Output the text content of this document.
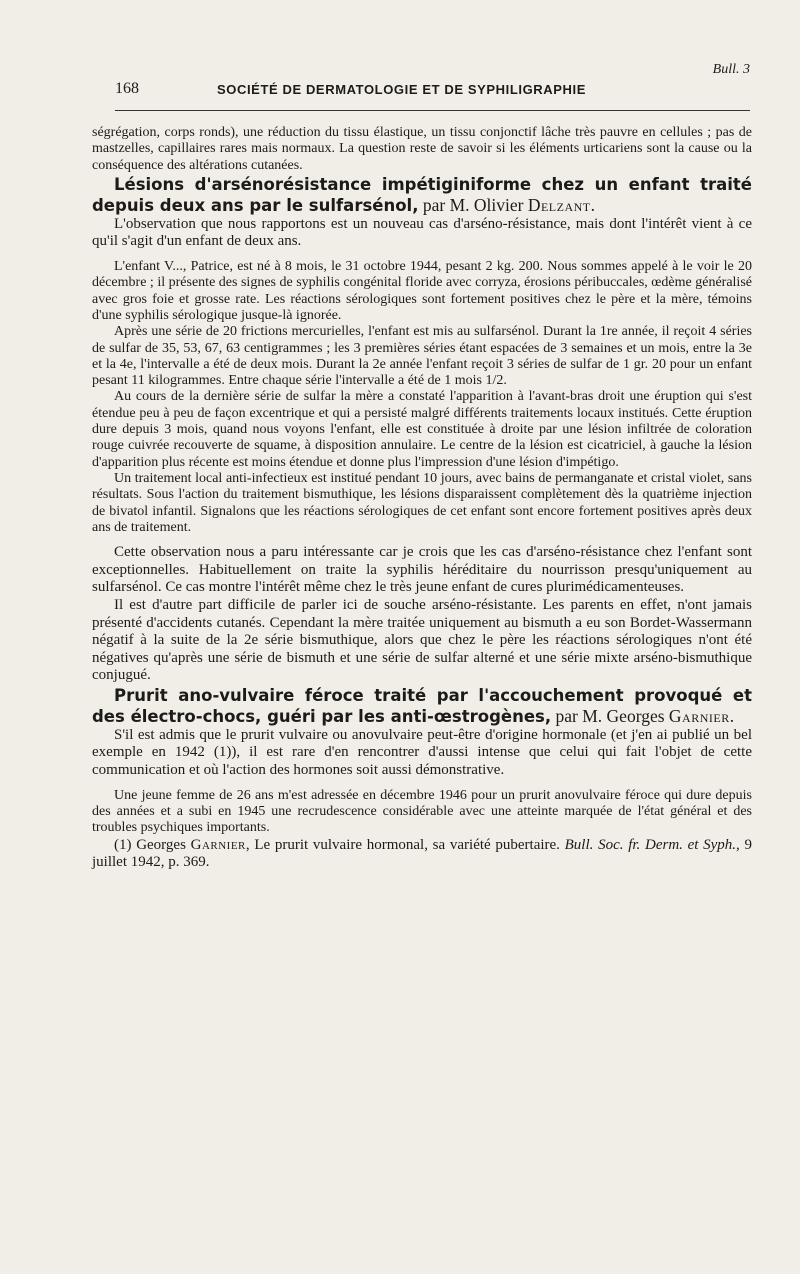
Bull. 3
168	SOCIÉTÉ DE DERMATOLOGIE ET DE SYPHILIGRAPHIE

ségrégation, corps ronds), une réduction du tissu élastique, un tissu conjonctif lâche très pauvre en cellules ; pas de mastzelles, capillaires rares mais normaux. La question reste de savoir si les éléments urticariens sont la cause ou la conséquence des altérations cutanées.

Lésions d'arsénorésistance impétiginiforme chez un enfant traité depuis deux ans par le sulfarsénol, par M. Olivier Delzant.

L'observation que nous rapportons est un nouveau cas d'arséno-résistance, mais dont l'intérêt vient à ce qu'il s'agit d'un enfant de deux ans.

L'enfant V..., Patrice, est né à 8 mois, le 31 octobre 1944, pesant 2 kg. 200. Nous sommes appelé à le voir le 20 décembre ; il présente des signes de syphilis congénital floride avec corryza, érosions péribuccales, œdème généralisé avec gros foie et grosse rate. Les réactions sérologiques sont fortement positives chez le père et la mère, témoins d'une syphilis sérologique jusque-là ignorée.

Après une série de 20 frictions mercurielles, l'enfant est mis au sulfarsénol. Durant la 1re année, il reçoit 4 séries de sulfar de 35, 53, 67, 63 centigrammes ; les 3 premières séries étant espacées de 3 semaines et un mois, entre la 3e et la 4e, l'intervalle a été de deux mois. Durant la 2e année l'enfant reçoit 3 séries de sulfar de 1 gr. 20 pour un enfant pesant 11 kilogrammes. Entre chaque série l'intervalle a été de 1 mois 1/2.

Au cours de la dernière série de sulfar la mère a constaté l'apparition à l'avant-bras droit une éruption qui s'est étendue peu à peu de façon excentrique et qui a persisté malgré différents traitements locaux institués. Cette éruption dure depuis 3 mois, quand nous voyons l'enfant, elle est constituée à droite par une lésion infiltrée de coloration rouge cuivrée recouverte de squame, à disposition annulaire. Le centre de la lésion est cicatriciel, à gauche la lésion d'apparition plus récente est moins étendue et donne plus l'impression d'une lésion d'impétigo.

Un traitement local anti-infectieux est institué pendant 10 jours, avec bains de permanganate et cristal violet, sans résultats. Sous l'action du traitement bismuthique, les lésions disparaissent complètement dès la quatrième injection de bivatol infantil. Signalons que les réactions sérologiques de cet enfant sont encore fortement positives après deux ans de traitement.

Cette observation nous a paru intéressante car je crois que les cas d'arséno-résistance chez l'enfant sont exceptionnelles. Habituellement on traite la syphilis héréditaire du nourrisson presqu'uniquement au sulfarsénol. Ce cas montre l'intérêt même chez le très jeune enfant de cures plurimédicamenteuses.

Il est d'autre part difficile de parler ici de souche arséno-résistante. Les parents en effet, n'ont jamais présenté d'accidents cutanés. Cependant la mère traitée uniquement au bismuth a eu son Bordet-Wassermann négatif à la suite de la 2e série bismuthique, alors que chez le père les réactions sérologiques n'ont été négatives qu'après une série de bismuth et une série de sulfar alterné et une série mixte arséno-bismuthique conjugué.

Prurit ano-vulvaire féroce traité par l'accouchement provoqué et des électro-chocs, guéri par les anti-œstrogènes, par M. Georges Garnier.

S'il est admis que le prurit vulvaire ou anovulvaire peut-être d'origine hormonale (et j'en ai publié un bel exemple en 1942 (1)), il est rare d'en rencontrer d'aussi intense que celui qui fait l'objet de cette communication et où l'action des hormones soit aussi démonstrative.

Une jeune femme de 26 ans m'est adressée en décembre 1946 pour un prurit anovulvaire féroce qui dure depuis des années et a subi en 1945 une recrudescence considérable avec une atteinte marquée de l'état général et des troubles psychiques importants.

(1) Georges Garnier, Le prurit vulvaire hormonal, sa variété pubertaire. Bull. Soc. fr. Derm. et Syph., 9 juillet 1942, p. 369.
